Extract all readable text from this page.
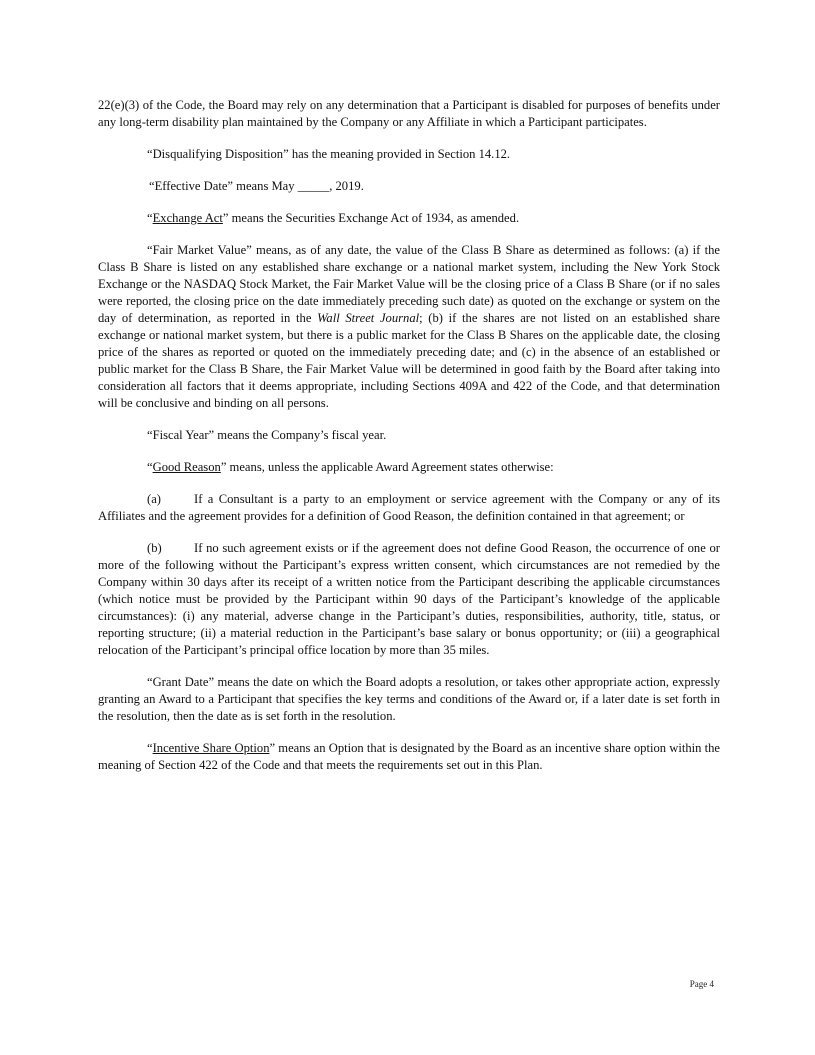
22(e)(3) of the Code, the Board may rely on any determination that a Participant is disabled for purposes of benefits under any long-term disability plan maintained by the Company or any Affiliate in which a Participant participates.

“Disqualifying Disposition” has the meaning provided in Section 14.12.

“Effective Date” means May _____, 2019.

“Exchange Act” means the Securities Exchange Act of 1934, as amended.

“Fair Market Value” means, as of any date, the value of the Class B Share as determined as follows: (a) if the Class B Share is listed on any established share exchange or a national market system, including the New York Stock Exchange or the NASDAQ Stock Market, the Fair Market Value will be the closing price of a Class B Share (or if no sales were reported, the closing price on the date immediately preceding such date) as quoted on the exchange or system on the day of determination, as reported in the Wall Street Journal; (b) if the shares are not listed on an established share exchange or national market system, but there is a public market for the Class B Shares on the applicable date, the closing price of the shares as reported or quoted on the immediately preceding date; and (c) in the absence of an established or public market for the Class B Share, the Fair Market Value will be determined in good faith by the Board after taking into consideration all factors that it deems appropriate, including Sections 409A and 422 of the Code, and that determination will be conclusive and binding on all persons.

“Fiscal Year” means the Company’s fiscal year.

“Good Reason” means, unless the applicable Award Agreement states otherwise:

(a)	If a Consultant is a party to an employment or service agreement with the Company or any of its Affiliates and the agreement provides for a definition of Good Reason, the definition contained in that agreement; or

(b)	If no such agreement exists or if the agreement does not define Good Reason, the occurrence of one or more of the following without the Participant’s express written consent, which circumstances are not remedied by the Company within 30 days after its receipt of a written notice from the Participant describing the applicable circumstances (which notice must be provided by the Participant within 90 days of the Participant’s knowledge of the applicable circumstances): (i) any material, adverse change in the Participant’s duties, responsibilities, authority, title, status, or reporting structure; (ii) a material reduction in the Participant’s base salary or bonus opportunity; or (iii) a geographical relocation of the Participant’s principal office location by more than 35 miles.

“Grant Date” means the date on which the Board adopts a resolution, or takes other appropriate action, expressly granting an Award to a Participant that specifies the key terms and conditions of the Award or, if a later date is set forth in the resolution, then the date as is set forth in the resolution.

“Incentive Share Option” means an Option that is designated by the Board as an incentive share option within the meaning of Section 422 of the Code and that meets the requirements set out in this Plan.

Page 4
